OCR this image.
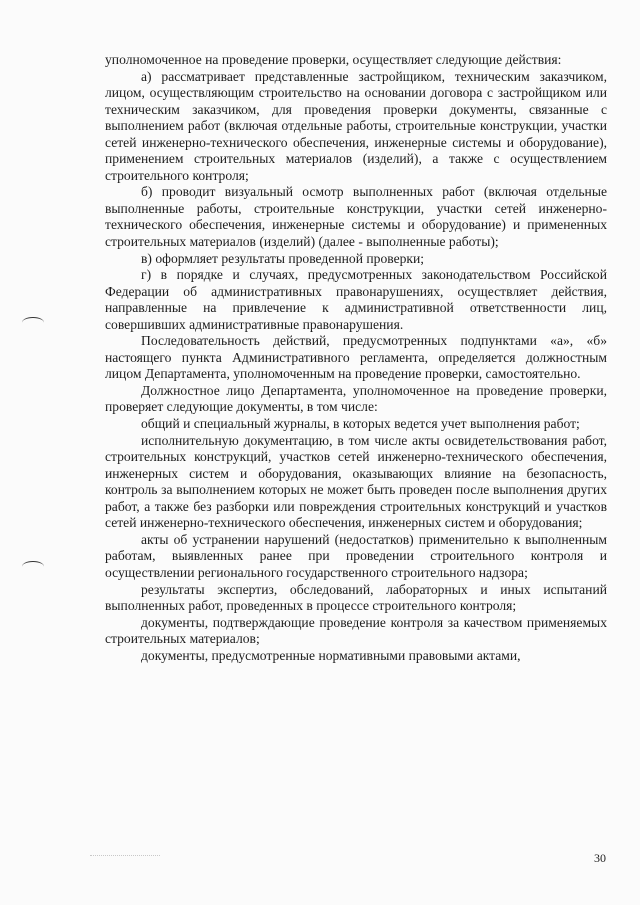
уполномоченное на проведение проверки, осуществляет следующие действия:

а) рассматривает представленные застройщиком, техническим заказчиком, лицом, осуществляющим строительство на основании договора с застройщиком или техническим заказчиком, для проведения проверки документы, связанные с выполнением работ (включая отдельные работы, строительные конструкции, участки сетей инженерно-технического обеспечения, инженерные системы и оборудование), применением строительных материалов (изделий), а также с осуществлением строительного контроля;

б) проводит визуальный осмотр выполненных работ (включая отдельные выполненные работы, строительные конструкции, участки сетей инженерно-технического обеспечения, инженерные системы и оборудование) и примененных строительных материалов (изделий) (далее - выполненные работы);

в) оформляет результаты проведенной проверки;

г) в порядке и случаях, предусмотренных законодательством Российской Федерации об административных правонарушениях, осуществляет действия, направленные на привлечение к административной ответственности лиц, совершивших административные правонарушения.

Последовательность действий, предусмотренных подпунктами «а», «б» настоящего пункта Административного регламента, определяется должностным лицом Департамента, уполномоченным на проведение проверки, самостоятельно.

Должностное лицо Департамента, уполномоченное на проведение проверки, проверяет следующие документы, в том числе:

общий и специальный журналы, в которых ведется учет выполнения работ;

исполнительную документацию, в том числе акты освидетельствования работ, строительных конструкций, участков сетей инженерно-технического обеспечения, инженерных систем и оборудования, оказывающих влияние на безопасность, контроль за выполнением которых не может быть проведен после выполнения других работ, а также без разборки или повреждения строительных конструкций и участков сетей инженерно-технического обеспечения, инженерных систем и оборудования;

акты об устранении нарушений (недостатков) применительно к выполненным работам, выявленных ранее при проведении строительного контроля и осуществлении регионального государственного строительного надзора;

результаты экспертиз, обследований, лабораторных и иных испытаний выполненных работ, проведенных в процессе строительного контроля;

документы, подтверждающие проведение контроля за качеством применяемых строительных материалов;

документы, предусмотренные нормативными правовыми актами,

30
